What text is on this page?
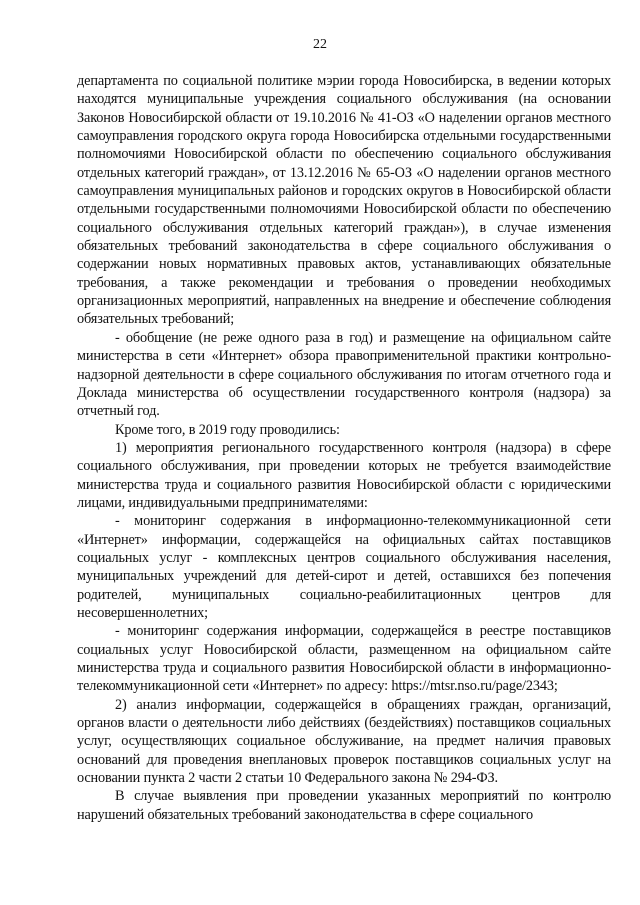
22

департамента по социальной политике мэрии города Новосибирска, в ведении которых находятся муниципальные учреждения социального обслуживания (на основании Законов Новосибирской области от 19.10.2016 № 41-ОЗ «О наделении органов местного самоуправления городского округа города Новосибирска отдельными государственными полномочиями Новосибирской области по обеспечению социального обслуживания отдельных категорий граждан», от 13.12.2016 № 65-ОЗ «О наделении органов местного самоуправления муниципальных районов и городских округов в Новосибирской области отдельными государственными полномочиями Новосибирской области по обеспечению социального обслуживания отдельных категорий граждан»), в случае изменения обязательных требований законодательства в сфере социального обслуживания о содержании новых нормативных правовых актов, устанавливающих обязательные требования, а также рекомендации и требования о проведении необходимых организационных мероприятий, направленных на внедрение и обеспечение соблюдения обязательных требований;

- обобщение (не реже одного раза в год) и размещение на официальном сайте министерства в сети «Интернет» обзора правоприменительной практики контрольно-надзорной деятельности в сфере социального обслуживания по итогам отчетного года и Доклада министерства об осуществлении государственного контроля (надзора) за отчетный год.

Кроме того, в 2019 году проводились:

1) мероприятия регионального государственного контроля (надзора) в сфере социального обслуживания, при проведении которых не требуется взаимодействие министерства труда и социального развития Новосибирской области с юридическими лицами, индивидуальными предпринимателями:

- мониторинг содержания в информационно-телекоммуникационной сети «Интернет» информации, содержащейся на официальных сайтах поставщиков социальных услуг - комплексных центров социального обслуживания населения, муниципальных учреждений для детей-сирот и детей, оставшихся без попечения родителей, муниципальных социально-реабилитационных центров для несовершеннолетних;

- мониторинг содержания информации, содержащейся в реестре поставщиков социальных услуг Новосибирской области, размещенном на официальном сайте министерства труда и социального развития Новосибирской области в информационно-телекоммуникационной сети «Интернет» по адресу: https://mtsr.nso.ru/page/2343;

2) анализ информации, содержащейся в обращениях граждан, организаций, органов власти о деятельности либо действиях (бездействиях) поставщиков социальных услуг, осуществляющих социальное обслуживание, на предмет наличия правовых оснований для проведения внеплановых проверок поставщиков социальных услуг на основании пункта 2 части 2 статьи 10 Федерального закона № 294-ФЗ.

В случае выявления при проведении указанных мероприятий по контролю нарушений обязательных требований законодательства в сфере социального
